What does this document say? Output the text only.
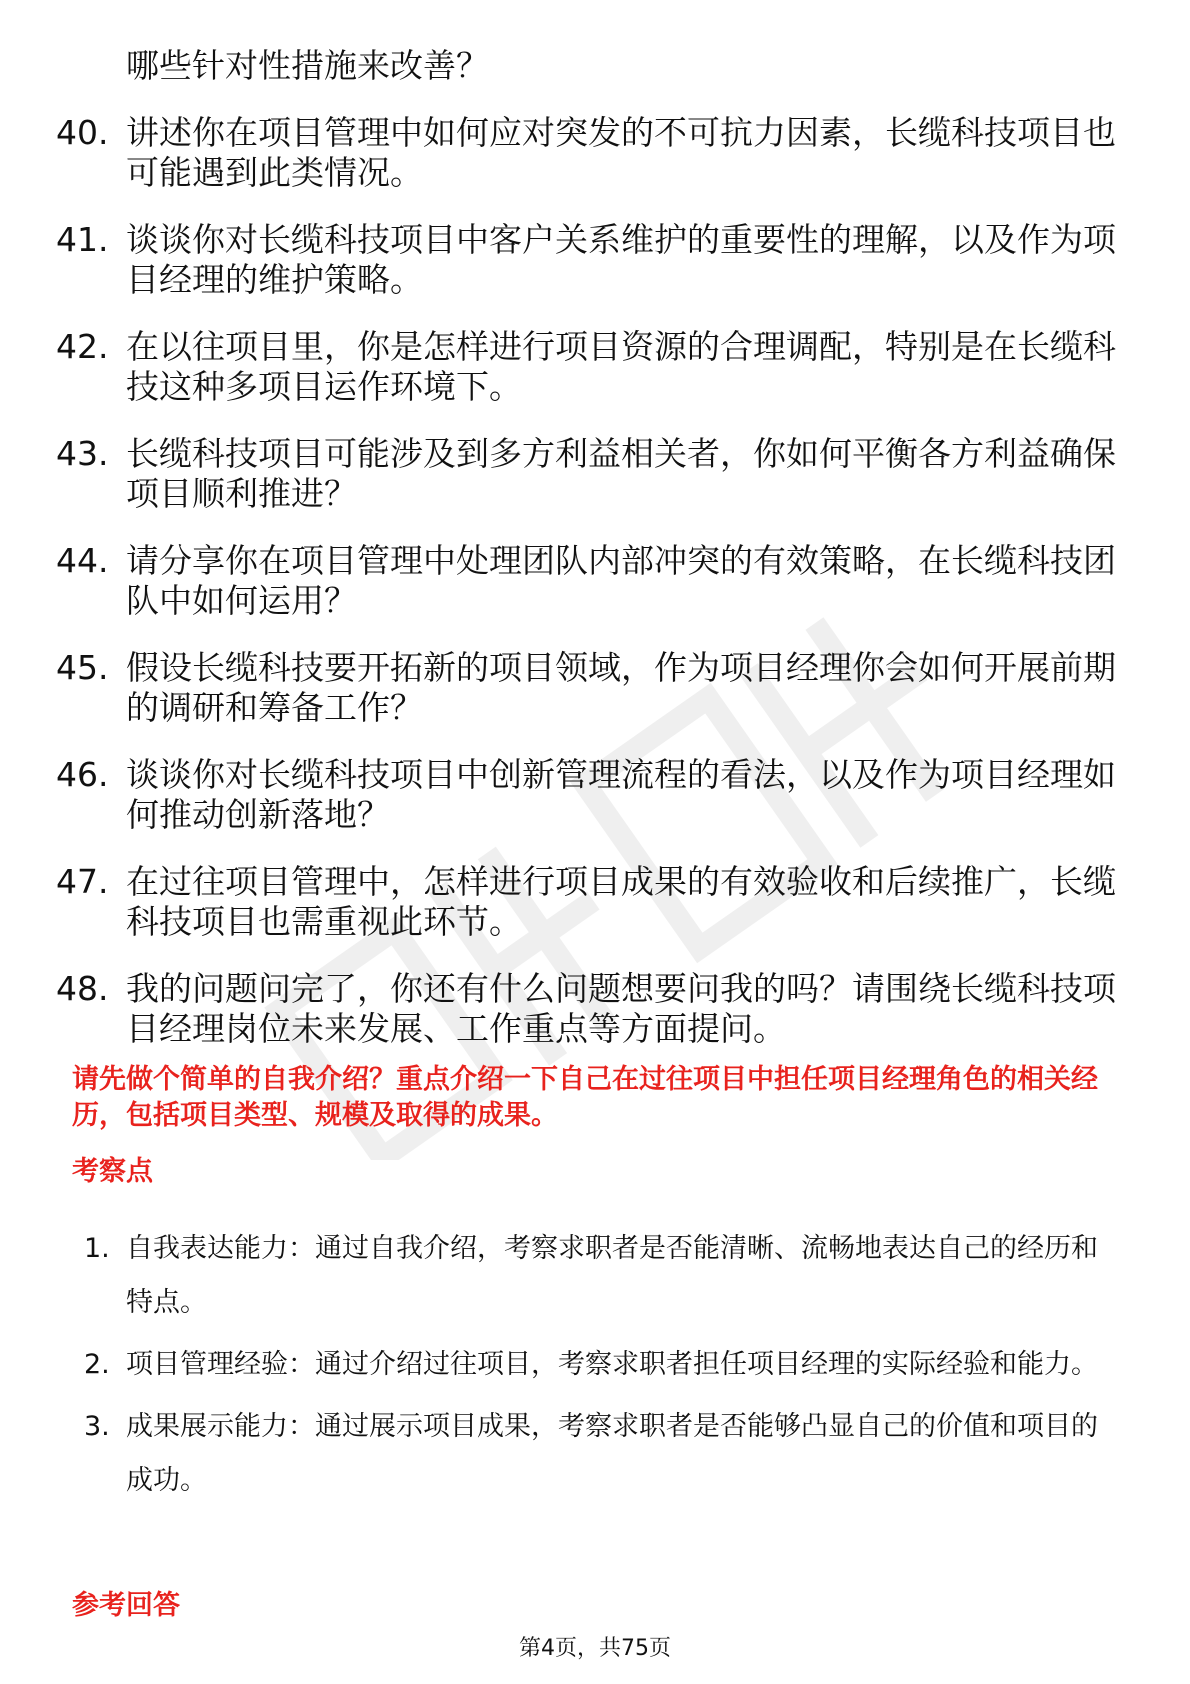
哪些针对性措施来改善？
40. 讲述你在项目管理中如何应对突发的不可抗力因素，长缆科技项目也可能遇到此类情况。
41. 谈谈你对长缆科技项目中客户关系维护的重要性的理解，以及作为项目经理的维护策略。
42. 在以往项目里，你是怎样进行项目资源的合理调配，特别是在长缆科技这种多项目运作环境下。
43. 长缆科技项目可能涉及到多方利益相关者，你如何平衡各方利益确保项目顺利推进？
44. 请分享你在项目管理中处理团队内部冲突的有效策略，在长缆科技团队中如何运用？
45. 假设长缆科技要开拓新的项目领域，作为项目经理你会如何开展前期的调研和筹备工作？
46. 谈谈你对长缆科技项目中创新管理流程的看法，以及作为项目经理如何推动创新落地？
47. 在过往项目管理中，怎样进行项目成果的有效验收和后续推广，长缆科技项目也需重视此环节。
48. 我的问题问完了，你还有什么问题想要问我的吗？请围绕长缆科技项目经理岗位未来发展、工作重点等方面提问。
请先做个简单的自我介绍？重点介绍一下自己在过往项目中担任项目经理角色的相关经历，包括项目类型、规模及取得的成果。
考察点
1. 自我表达能力：通过自我介绍，考察求职者是否能清晰、流畅地表达自己的经历和特点。
2. 项目管理经验：通过介绍过往项目，考察求职者担任项目经理的实际经验和能力。
3. 成果展示能力：通过展示项目成果，考察求职者是否能够凸显自己的价值和项目的成功。
参考回答
第4页，共75页
